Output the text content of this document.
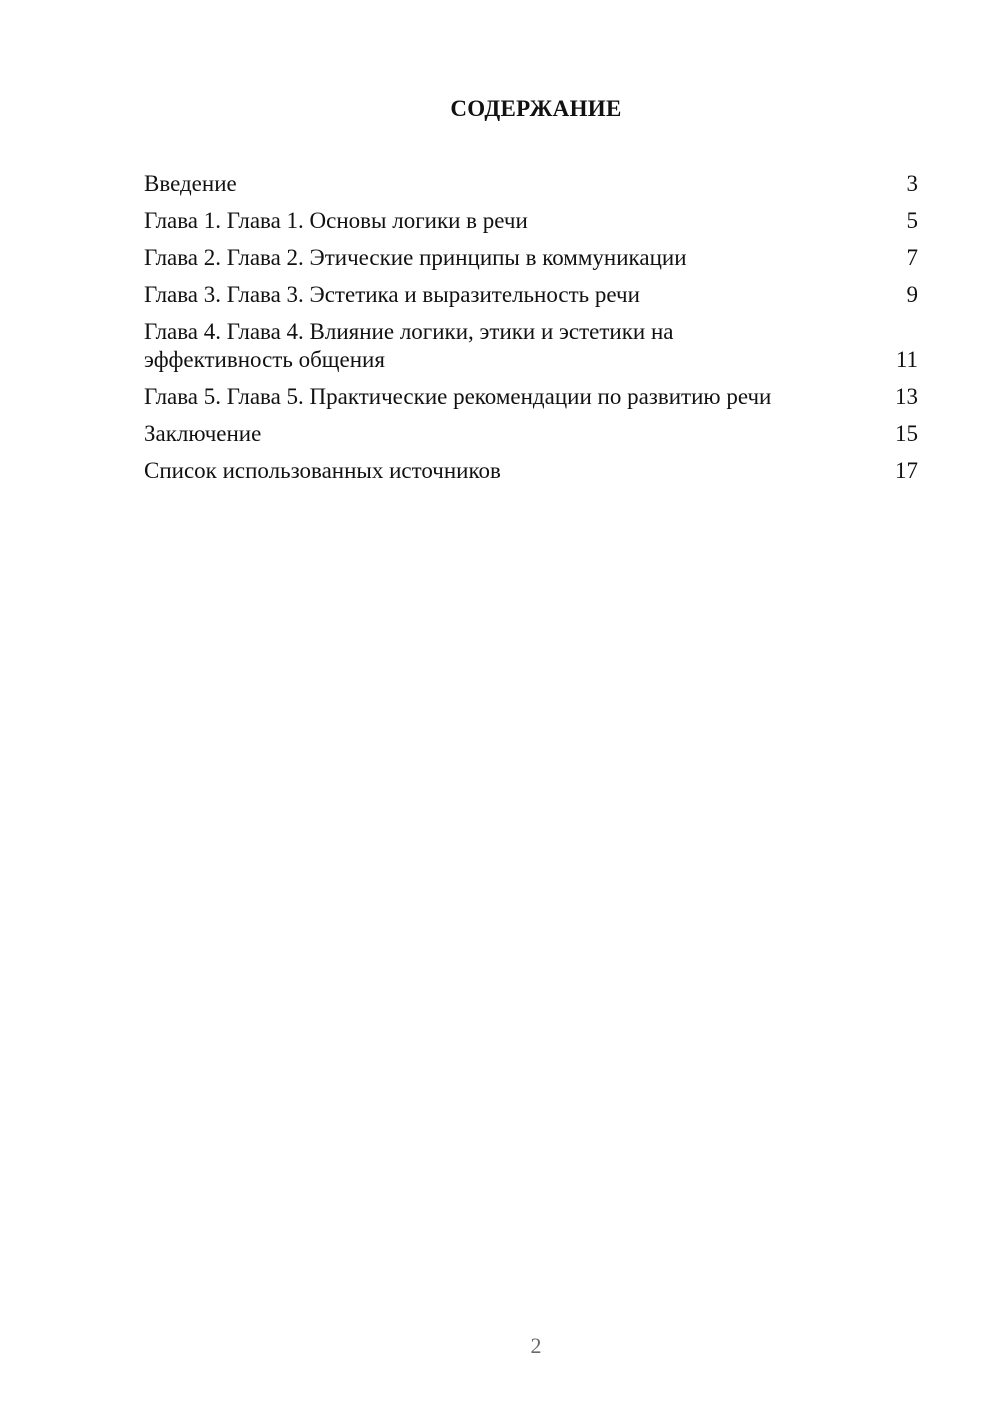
СОДЕРЖАНИЕ
Введение	3
Глава 1. Глава 1. Основы логики в речи	5
Глава 2. Глава 2. Этические принципы в коммуникации	7
Глава 3. Глава 3. Эстетика и выразительность речи	9
Глава 4. Глава 4. Влияние логики, этики и эстетики на эффективность общения	11
Глава 5. Глава 5. Практические рекомендации по развитию речи	13
Заключение	15
Список использованных источников	17
2
